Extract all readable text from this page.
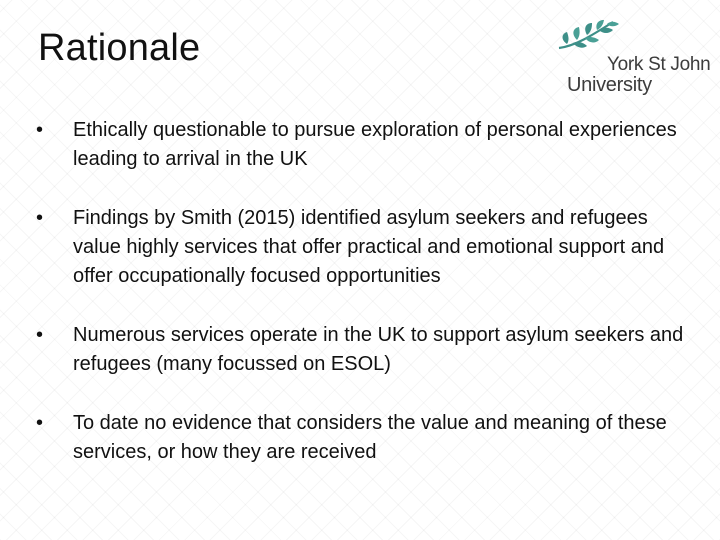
Rationale	York St John
University
• Ethically questionable to pursue exploration of personal experiences leading to arrival in the UK
• Findings by Smith (2015) identified asylum seekers and refugees value highly services that offer practical and emotional support and offer occupationally focused opportunities
• Numerous services operate in the UK to support asylum seekers and refugees (many focussed on ESOL)
• To date no evidence that considers the value and meaning of these services, or how they are received
